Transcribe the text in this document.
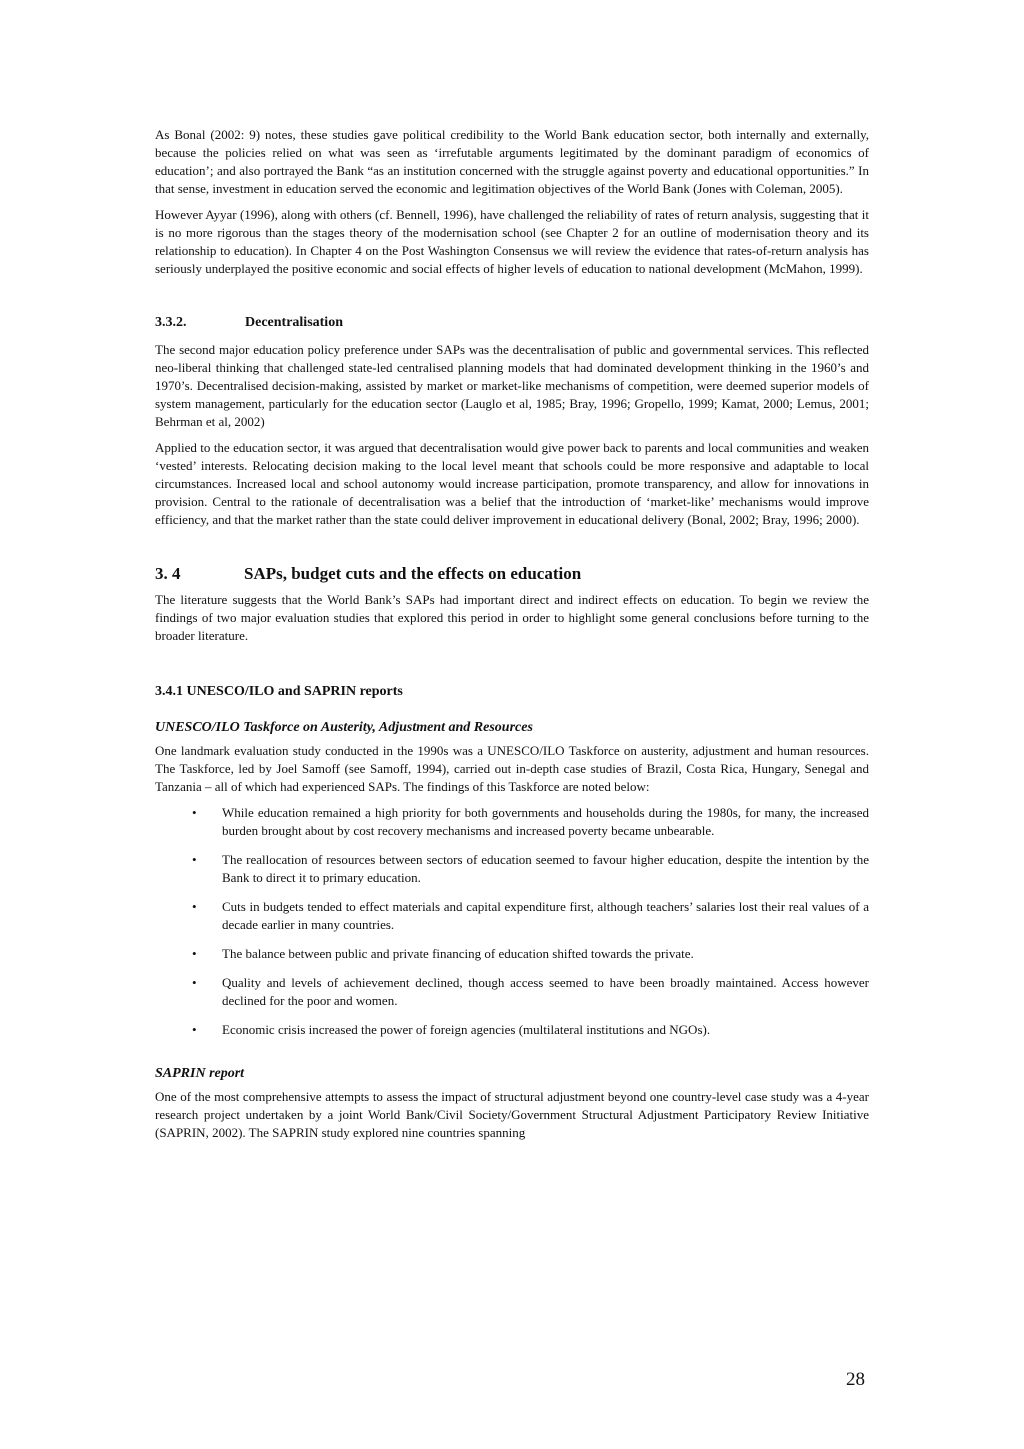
As Bonal (2002: 9) notes, these studies gave political credibility to the World Bank education sector, both internally and externally, because the policies relied on what was seen as ‘irrefutable arguments legitimated by the dominant paradigm of economics of education’; and also portrayed the Bank “as an institution concerned with the struggle against poverty and educational opportunities.” In that sense, investment in education served the economic and legitimation objectives of the World Bank (Jones with Coleman, 2005).

However Ayyar (1996), along with others (cf. Bennell, 1996), have challenged the reliability of rates of return analysis, suggesting that it is no more rigorous than the stages theory of the modernisation school (see Chapter 2 for an outline of modernisation theory and its relationship to education). In Chapter 4 on the Post Washington Consensus we will review the evidence that rates-of-return analysis has seriously underplayed the positive economic and social effects of higher levels of education to national development (McMahon, 1999).

3.3.2.	Decentralisation

The second major education policy preference under SAPs was the decentralisation of public and governmental services. This reflected neo-liberal thinking that challenged state-led centralised planning models that had dominated development thinking in the 1960’s and 1970’s. Decentralised decision-making, assisted by market or market-like mechanisms of competition, were deemed superior models of system management, particularly for the education sector (Lauglo et al, 1985; Bray, 1996; Gropello, 1999; Kamat, 2000; Lemus, 2001; Behrman et al, 2002)

Applied to the education sector, it was argued that decentralisation would give power back to parents and local communities and weaken ‘vested’ interests. Relocating decision making to the local level meant that schools could be more responsive and adaptable to local circumstances. Increased local and school autonomy would increase participation, promote transparency, and allow for innovations in provision. Central to the rationale of decentralisation was a belief that the introduction of ‘market-like’ mechanisms would improve efficiency, and that the market rather than the state could deliver improvement in educational delivery (Bonal, 2002; Bray, 1996; 2000).

3. 4	SAPs, budget cuts and the effects on education

The literature suggests that the World Bank’s SAPs had important direct and indirect effects on education. To begin we review the findings of two major evaluation studies that explored this period in order to highlight some general conclusions before turning to the broader literature.

3.4.1 UNESCO/ILO and SAPRIN reports
UNESCO/ILO Taskforce on Austerity, Adjustment and Resources

One landmark evaluation study conducted in the 1990s was a UNESCO/ILO Taskforce on austerity, adjustment and human resources. The Taskforce, led by Joel Samoff (see Samoff, 1994), carried out in-depth case studies of Brazil, Costa Rica, Hungary, Senegal and Tanzania – all of which had experienced SAPs. The findings of this Taskforce are noted below:

• While education remained a high priority for both governments and households during the 1980s, for many, the increased burden brought about by cost recovery mechanisms and increased poverty became unbearable.
• The reallocation of resources between sectors of education seemed to favour higher education, despite the intention by the Bank to direct it to primary education.
• Cuts in budgets tended to effect materials and capital expenditure first, although teachers’ salaries lost their real values of a decade earlier in many countries.
• The balance between public and private financing of education shifted towards the private.
• Quality and levels of achievement declined, though access seemed to have been broadly maintained. Access however declined for the poor and women.
• Economic crisis increased the power of foreign agencies (multilateral institutions and NGOs).
SAPRIN report

One of the most comprehensive attempts to assess the impact of structural adjustment beyond one country-level case study was a 4-year research project undertaken by a joint World Bank/Civil Society/Government Structural Adjustment Participatory Review Initiative (SAPRIN, 2002). The SAPRIN study explored nine countries spanning

28
